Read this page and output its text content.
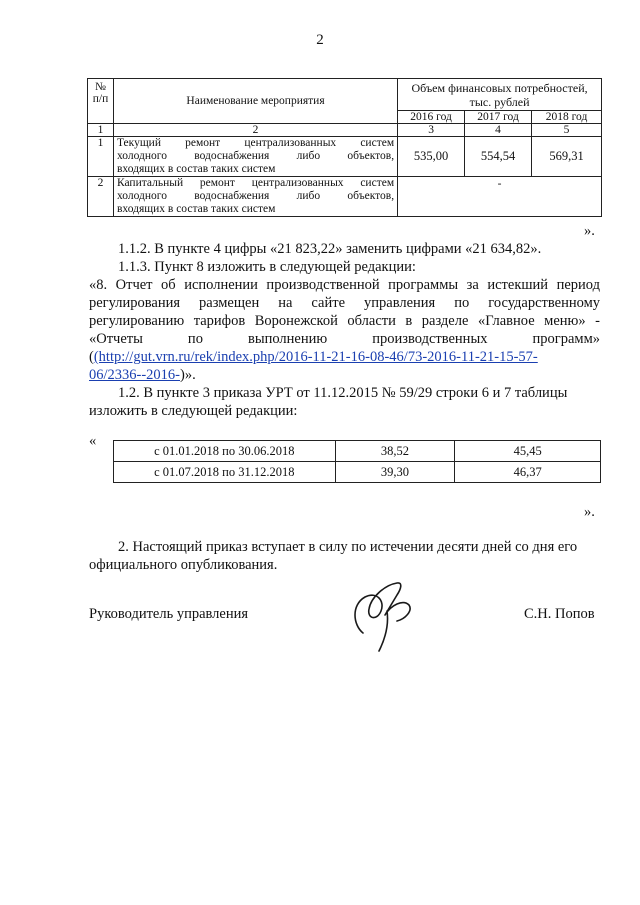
2
№
п/п	Наименование мероприятия	Объем финансовых потребностей,
тыс. рублей		
		2016 год	2017 год	2018 год
1	2	3	4	5
1	Текущий ремонт централизованных систем
холодного водоснабжения либо объектов,
входящих в состав таких систем	535,00	554,54	569,31
2	Капитальный ремонт централизованных систем
холодного водоснабжения либо объектов,
входящих в состав таких систем	-		
».
1.1.2. В пункте 4 цифры «21 823,22» заменить цифрами «21 634,82».
1.1.3. Пункт 8 изложить в следующей редакции:
«8. Отчет об исполнении производственной программы за истекший период
регулирования размещен на сайте управления по государственному
регулированию тарифов Воронежской области в разделе «Главное меню» -
«Отчеты по выполнению производственных программ»
((http://gut.vrn.ru/rek/index.php/2016-11-21-16-08-46/73-2016-11-21-15-57-
06/2336--2016-)».
1.2. В пункте 3 приказа УРТ от 11.12.2015 № 59/29 строки 6 и 7 таблицы
изложить в следующей редакции:
«
с 01.01.2018 по 30.06.2018	38,52	45,45
с 01.07.2018 по 31.12.2018	39,30	46,37
».
2. Настоящий приказ вступает в силу по истечении десяти дней со дня его
официального опубликования.
Руководитель управления	С.Н. Попов
